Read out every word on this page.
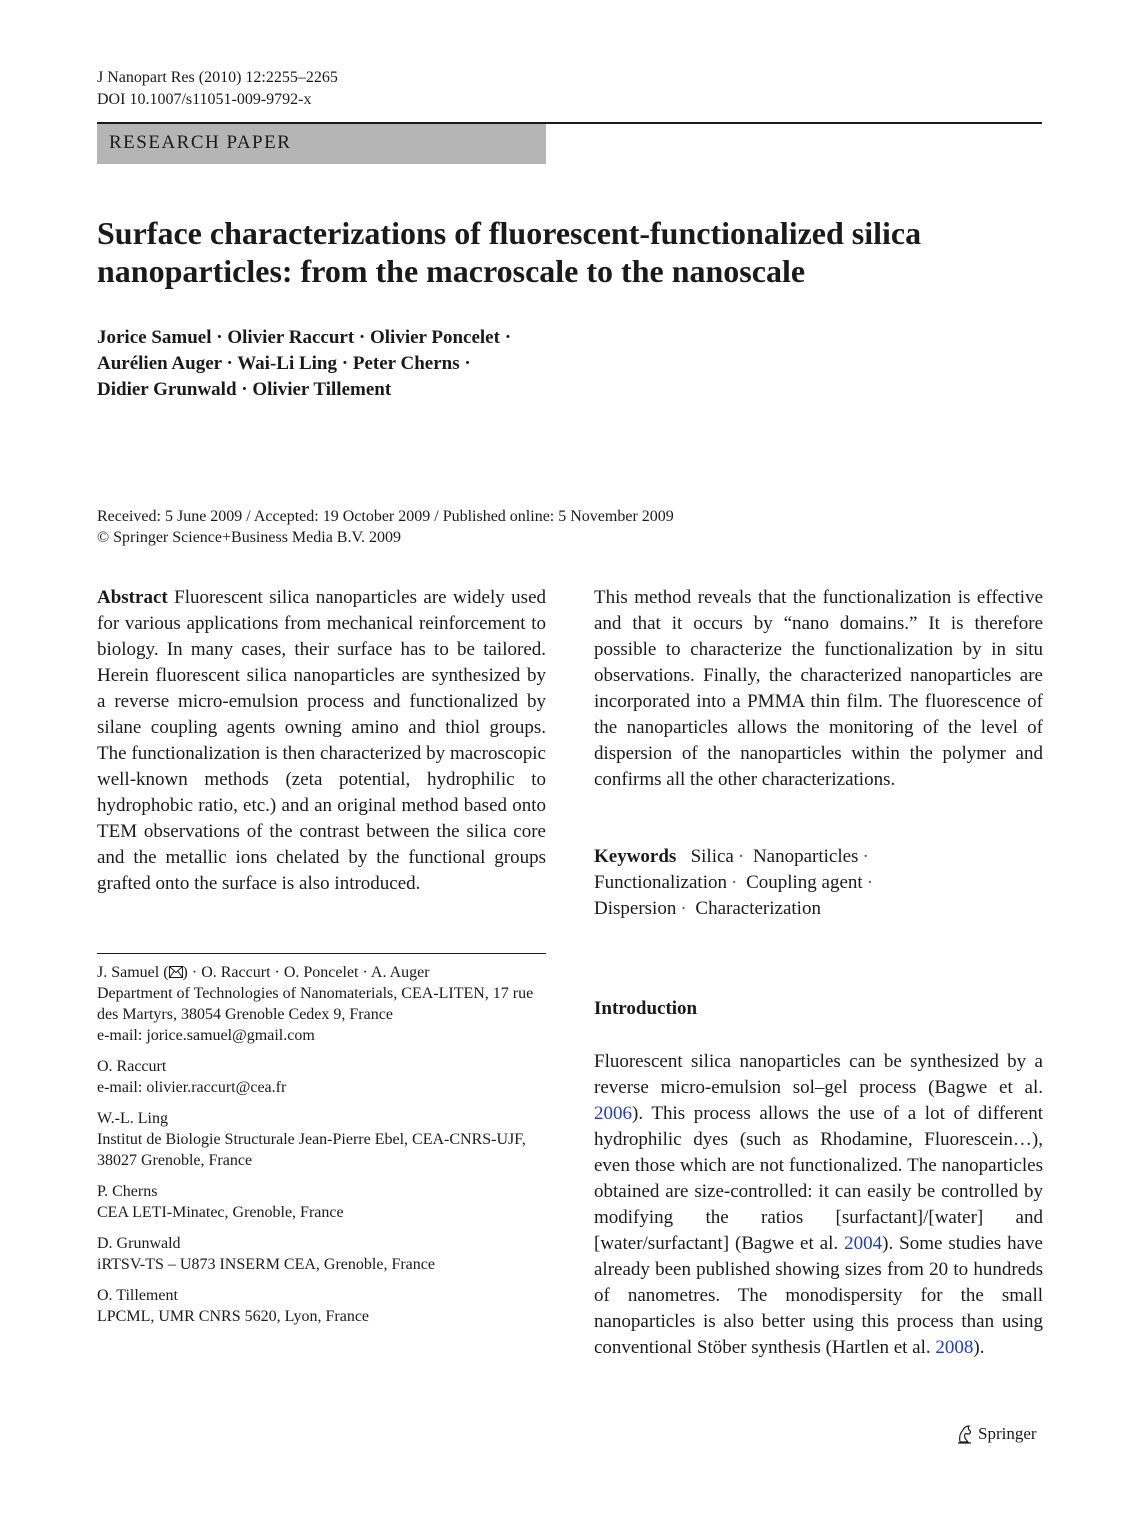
J Nanopart Res (2010) 12:2255–2265
DOI 10.1007/s11051-009-9792-x
RESEARCH PAPER
Surface characterizations of fluorescent-functionalized silica
nanoparticles: from the macroscale to the nanoscale
Jorice Samuel · Olivier Raccurt · Olivier Poncelet ·
Aurélien Auger · Wai-Li Ling · Peter Cherns ·
Didier Grunwald · Olivier Tillement
Received: 5 June 2009 / Accepted: 19 October 2009 / Published online: 5 November 2009
© Springer Science+Business Media B.V. 2009
Abstract Fluorescent silica nanoparticles are widely used for various applications from mechanical reinforcement to biology. In many cases, their surface has to be tailored. Herein fluorescent silica nanoparticles are synthesized by a reverse micro-emulsion process and functionalized by silane coupling agents owning amino and thiol groups. The functionalization is then characterized by macroscopic well-known methods (zeta potential, hydrophilic to hydrophobic ratio, etc.) and an original method based onto TEM observations of the contrast between the silica core and the metallic ions chelated by the functional groups grafted onto the surface is also introduced.
This method reveals that the functionalization is effective and that it occurs by “nano domains.” It is therefore possible to characterize the functionalization by in situ observations. Finally, the characterized nanoparticles are incorporated into a PMMA thin film. The fluorescence of the nanoparticles allows the monitoring of the level of dispersion of the nanoparticles within the polymer and confirms all the other characterizations.
Keywords Silica · Nanoparticles ·
Functionalization · Coupling agent ·
Dispersion · Characterization
J. Samuel ( ) · O. Raccurt · O. Poncelet · A. Auger
Department of Technologies of Nanomaterials, CEA-LITEN, 17 rue des Martyrs, 38054 Grenoble Cedex 9, France
e-mail: jorice.samuel@gmail.com
O. Raccurt
e-mail: olivier.raccurt@cea.fr
W.-L. Ling
Institut de Biologie Structurale Jean-Pierre Ebel, CEA-CNRS-UJF, 38027 Grenoble, France
P. Cherns
CEA LETI-Minatec, Grenoble, France
D. Grunwald
iRTSV-TS – U873 INSERM CEA, Grenoble, France
O. Tillement
LPCML, UMR CNRS 5620, Lyon, France
Introduction
Fluorescent silica nanoparticles can be synthesized by a reverse micro-emulsion sol–gel process (Bagwe et al. 2006). This process allows the use of a lot of different hydrophilic dyes (such as Rhodamine, Fluorescein…), even those which are not functionalized. The nanoparticles obtained are size-controlled: it can easily be controlled by modifying the ratios [surfactant]/[water] and [water/surfactant] (Bagwe et al. 2004). Some studies have already been published showing sizes from 20 to hundreds of nanometres. The monodispersity for the small nanoparticles is also better using this process than using conventional Stöber synthesis (Hartlen et al. 2008).
Springer
